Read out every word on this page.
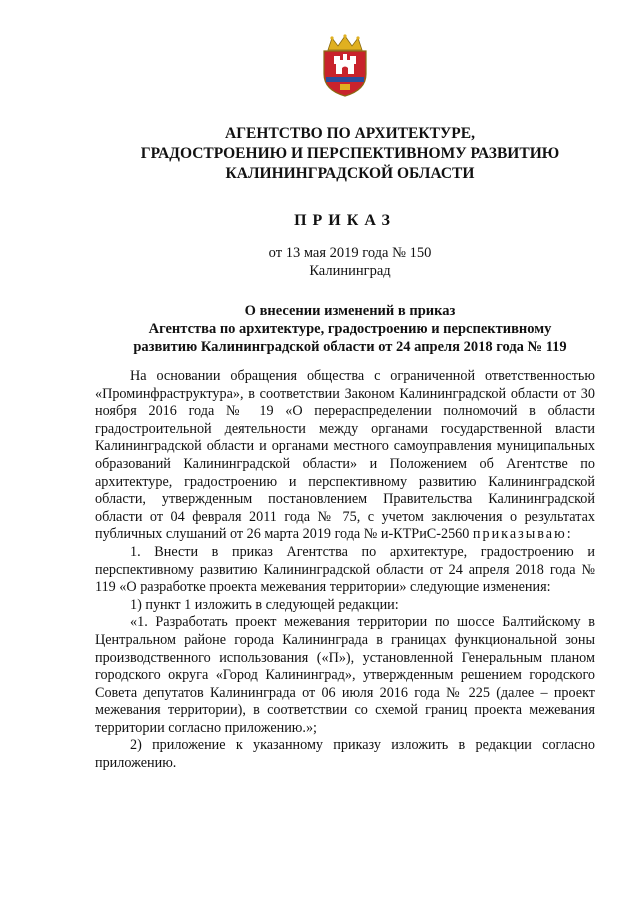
АГЕНТСТВО ПО АРХИТЕКТУРЕ,
ГРАДОСТРОЕНИЮ И ПЕРСПЕКТИВНОМУ РАЗВИТИЮ
КАЛИНИНГРАДСКОЙ ОБЛАСТИ
ПРИКАЗ
от 13 мая 2019 года № 150
Калининград
О внесении изменений в приказ
Агентства по архитектуре, градостроению и перспективному
развитию Калининградской области от 24 апреля 2018 года № 119

На основании обращения общества с ограниченной ответственностью «Проминфраструктура», в соответствии Законом Калининградской области от 30 ноября 2016 года № 19 «О перераспределении полномочий в области градостроительной деятельности между органами государственной власти Калининградской области и органами местного самоуправления муниципальных образований Калининградской области» и Положением об Агентстве по архитектуре, градостроению и перспективному развитию Калининградской области, утвержденным постановлением Правительства Калининградской области от 04 февраля 2011 года № 75, с учетом заключения о результатах публичных слушаний от 26 марта 2019 года № и-КТРиС-2560 приказываю:

1. Внести в приказ Агентства по архитектуре, градостроению и перспективному развитию Калининградской области от 24 апреля 2018 года № 119 «О разработке проекта межевания территории» следующие изменения:

1) пункт 1 изложить в следующей редакции:

«1. Разработать проект межевания территории по шоссе Балтийскому в Центральном районе города Калининграда в границах функциональной зоны производственного использования («П»), установленной Генеральным планом городского округа «Город Калининград», утвержденным решением городского Совета депутатов Калининграда от 06 июля 2016 года № 225 (далее – проект межевания территории), в соответствии со схемой границ проекта межевания территории согласно приложению.»;

2) приложение к указанному приказу изложить в редакции согласно приложению.
